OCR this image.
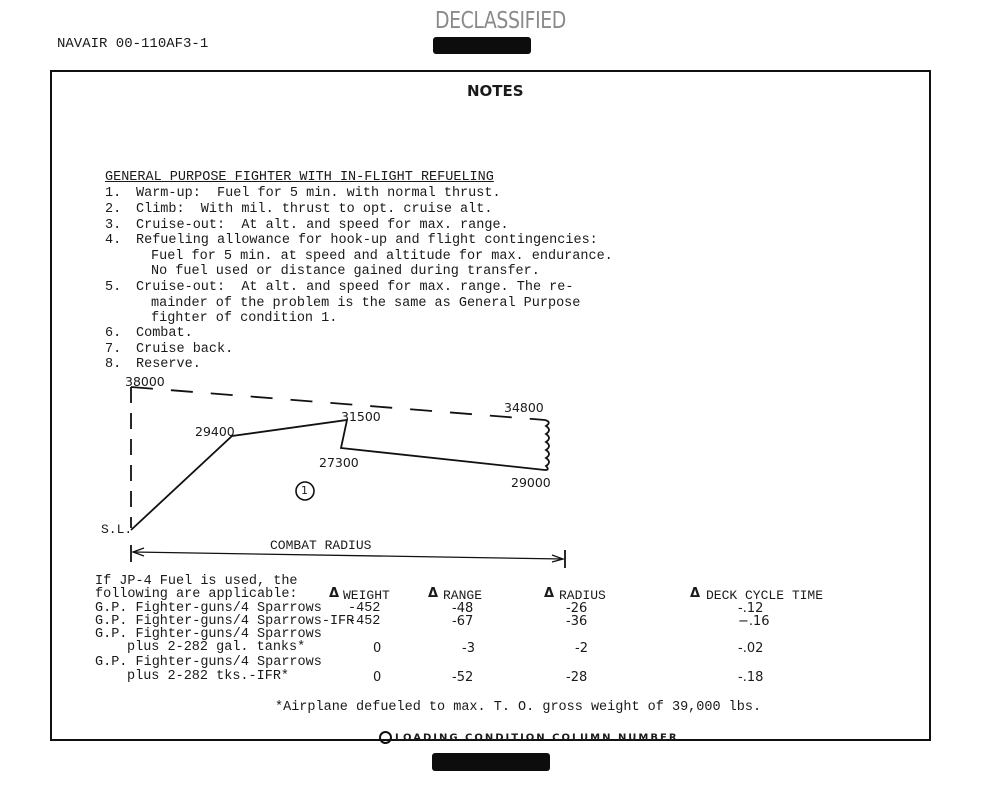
NAVAIR 00-110AF3-1
DECLASSIFIED
NOTES
GENERAL PURPOSE FIGHTER WITH IN-FLIGHT REFUELING
1. Warm-up:  Fuel for 5 min. with normal thrust.
2. Climb:  With mil. thrust to opt. cruise alt.
3. Cruise-out:  At alt. and speed for max. range.
4. Refueling allowance for hook-up and flight contingencies:
Fuel for 5 min. at speed and altitude for max. endurance.
No fuel used or distance gained during transfer.
5. Cruise-out:  At alt. and speed for max. range. The re-
mainder of the problem is the same as General Purpose
fighter of condition 1.
6. Combat.
7. Cruise back.
8. Reserve.
38000
29400
31500
27300
34800
29000
S.L.
1
COMBAT RADIUS
If JP-4 Fuel is used, the
following are applicable: Δ WEIGHT	Δ RANGE	Δ RADIUS	Δ DECK CYCLE TIME
G.P. Fighter-guns/4 Sparrows -452	-48	-26	-.12
G.P. Fighter-guns/4 Sparrows-IFR
-452	-67	-36	−.16
G.P. Fighter-guns/4 Sparrows
plus 2-282 gal. tanks*	0	-3	-2	-.02
G.P. Fighter-guns/4 Sparrows
plus 2-282 tks.-IFR*	0	-52	-28	-.18
*Airplane defueled to max. T. O. gross weight of 39,000 lbs.

LOADING CONDITION COLUMN NUMBER
